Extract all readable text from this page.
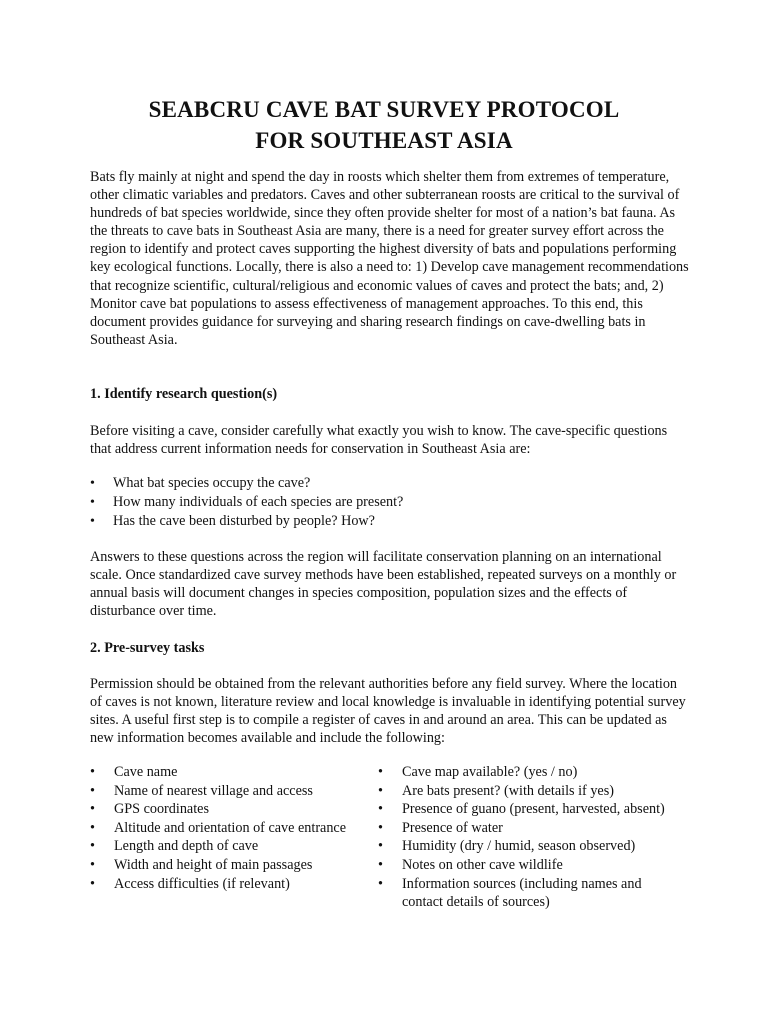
SEABCRU CAVE BAT SURVEY PROTOCOL
FOR SOUTHEAST ASIA
Bats fly mainly at night and spend the day in roosts which shelter them from extremes of temperature, other climatic variables and predators. Caves and other subterranean roosts are critical to the survival of hundreds of bat species worldwide, since they often provide shelter for most of a nation’s bat fauna. As the threats to cave bats in Southeast Asia are many, there is a need for greater survey effort across the region to identify and protect caves supporting the highest diversity of bats and populations performing key ecological functions. Locally, there is also a need to: 1) Develop cave management recommendations that recognize scientific, cultural/religious and economic values of caves and protect the bats; and, 2) Monitor cave bat populations to assess effectiveness of management approaches. To this end, this document provides guidance for surveying and sharing research findings on cave-dwelling bats in Southeast Asia.
1. Identify research question(s)
Before visiting a cave, consider carefully what exactly you wish to know. The cave-specific questions that address current information needs for conservation in Southeast Asia are:
• What bat species occupy the cave?
• How many individuals of each species are present?
• Has the cave been disturbed by people? How?
Answers to these questions across the region will facilitate conservation planning on an international scale. Once standardized cave survey methods have been established, repeated surveys on a monthly or annual basis will document changes in species composition, population sizes and the effects of disturbance over time.
2. Pre-survey tasks
Permission should be obtained from the relevant authorities before any field survey. Where the location of caves is not known, literature review and local knowledge is invaluable in identifying potential survey sites. A useful first step is to compile a register of caves in and around an area. This can be updated as new information becomes available and include the following:
• Cave name
• Name of nearest village and access
• GPS coordinates
• Altitude and orientation of cave entrance
• Length and depth of cave
• Width and height of main passages
• Access difficulties (if relevant)
• Cave map available? (yes / no)
• Are bats present? (with details if yes)
• Presence of guano (present, harvested, absent)
• Presence of water
• Humidity (dry / humid, season observed)
• Notes on other cave wildlife
• Information sources (including names and contact details of sources)
